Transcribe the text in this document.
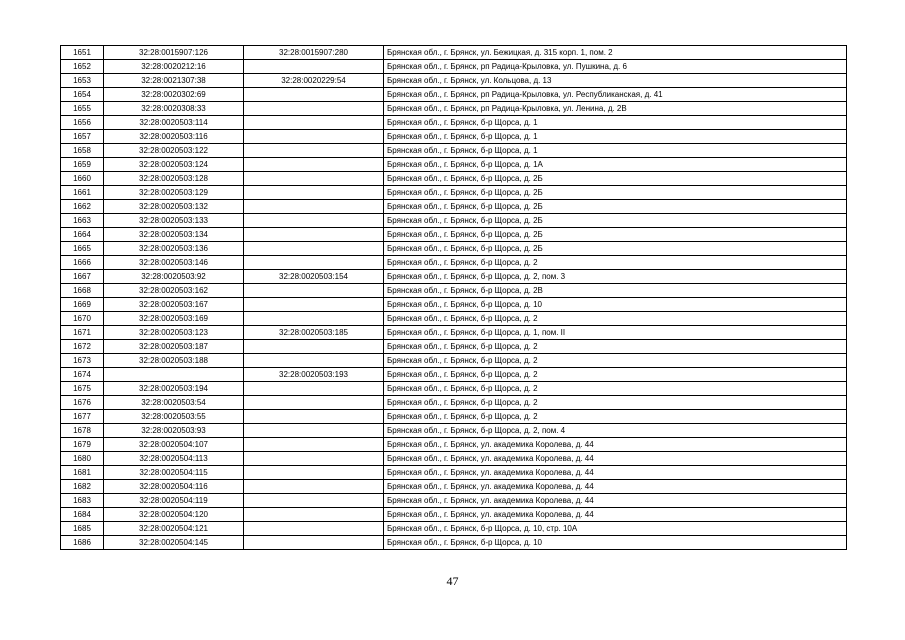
1651	32:28:0015907:126	32:28:0015907:280	Брянская обл., г. Брянск, ул. Бежицкая, д. 315 корп. 1, пом. 2
1652	32:28:0020212:16		Брянская обл., г. Брянск, рп Радица-Крыловка, ул. Пушкина, д. 6
1653	32:28:0021307:38	32:28:0020229:54	Брянская обл., г. Брянск, ул. Кольцова, д. 13
1654	32:28:0020302:69		Брянская обл., г. Брянск, рп Радица-Крыловка, ул. Республиканская, д. 41
1655	32:28:0020308:33		Брянская обл., г. Брянск, рп Радица-Крыловка, ул. Ленина, д. 2В
1656	32:28:0020503:114		Брянская обл., г. Брянск, б-р Щорса, д. 1
1657	32:28:0020503:116		Брянская обл., г. Брянск, б-р Щорса, д. 1
1658	32:28:0020503:122		Брянская обл., г. Брянск, б-р Щорса, д. 1
1659	32:28:0020503:124		Брянская обл., г. Брянск, б-р Щорса, д. 1А
1660	32:28:0020503:128		Брянская обл., г. Брянск, б-р Щорса, д. 2Б
1661	32:28:0020503:129		Брянская обл., г. Брянск, б-р Щорса, д. 2Б
1662	32:28:0020503:132		Брянская обл., г. Брянск, б-р Щорса, д. 2Б
1663	32:28:0020503:133		Брянская обл., г. Брянск, б-р Щорса, д. 2Б
1664	32:28:0020503:134		Брянская обл., г. Брянск, б-р Щорса, д. 2Б
1665	32:28:0020503:136		Брянская обл., г. Брянск, б-р Щорса, д. 2Б
1666	32:28:0020503:146		Брянская обл., г. Брянск, б-р Щорса, д. 2
1667	32:28:0020503:92	32:28:0020503:154	Брянская обл., г. Брянск, б-р Щорса, д. 2, пом. 3
1668	32:28:0020503:162		Брянская обл., г. Брянск, б-р Щорса, д. 2В
1669	32:28:0020503:167		Брянская обл., г. Брянск, б-р Щорса, д. 10
1670	32:28:0020503:169		Брянская обл., г. Брянск, б-р Щорса, д. 2
1671	32:28:0020503:123	32:28:0020503:185	Брянская обл., г. Брянск, б-р Щорса, д. 1, пом. II
1672	32:28:0020503:187		Брянская обл., г. Брянск, б-р Щорса, д. 2
1673	32:28:0020503:188		Брянская обл., г. Брянск, б-р Щорса, д. 2
1674		32:28:0020503:193	Брянская обл., г. Брянск, б-р Щорса, д. 2
1675	32:28:0020503:194		Брянская обл., г. Брянск, б-р Щорса, д. 2
1676	32:28:0020503:54		Брянская обл., г. Брянск, б-р Щорса, д. 2
1677	32:28:0020503:55		Брянская обл., г. Брянск, б-р Щорса, д. 2
1678	32:28:0020503:93		Брянская обл., г. Брянск, б-р Щорса, д. 2, пом. 4
1679	32:28:0020504:107		Брянская обл., г. Брянск, ул. академика Королева, д. 44
1680	32:28:0020504:113		Брянская обл., г. Брянск, ул. академика Королева, д. 44
1681	32:28:0020504:115		Брянская обл., г. Брянск, ул. академика Королева, д. 44
1682	32:28:0020504:116		Брянская обл., г. Брянск, ул. академика Королева, д. 44
1683	32:28:0020504:119		Брянская обл., г. Брянск, ул. академика Королева, д. 44
1684	32:28:0020504:120		Брянская обл., г. Брянск, ул. академика Королева, д. 44
1685	32:28:0020504:121		Брянская обл., г. Брянск, б-р Щорса, д. 10, стр. 10А
1686	32:28:0020504:145		Брянская обл., г. Брянск, б-р Щорса, д. 10
47
